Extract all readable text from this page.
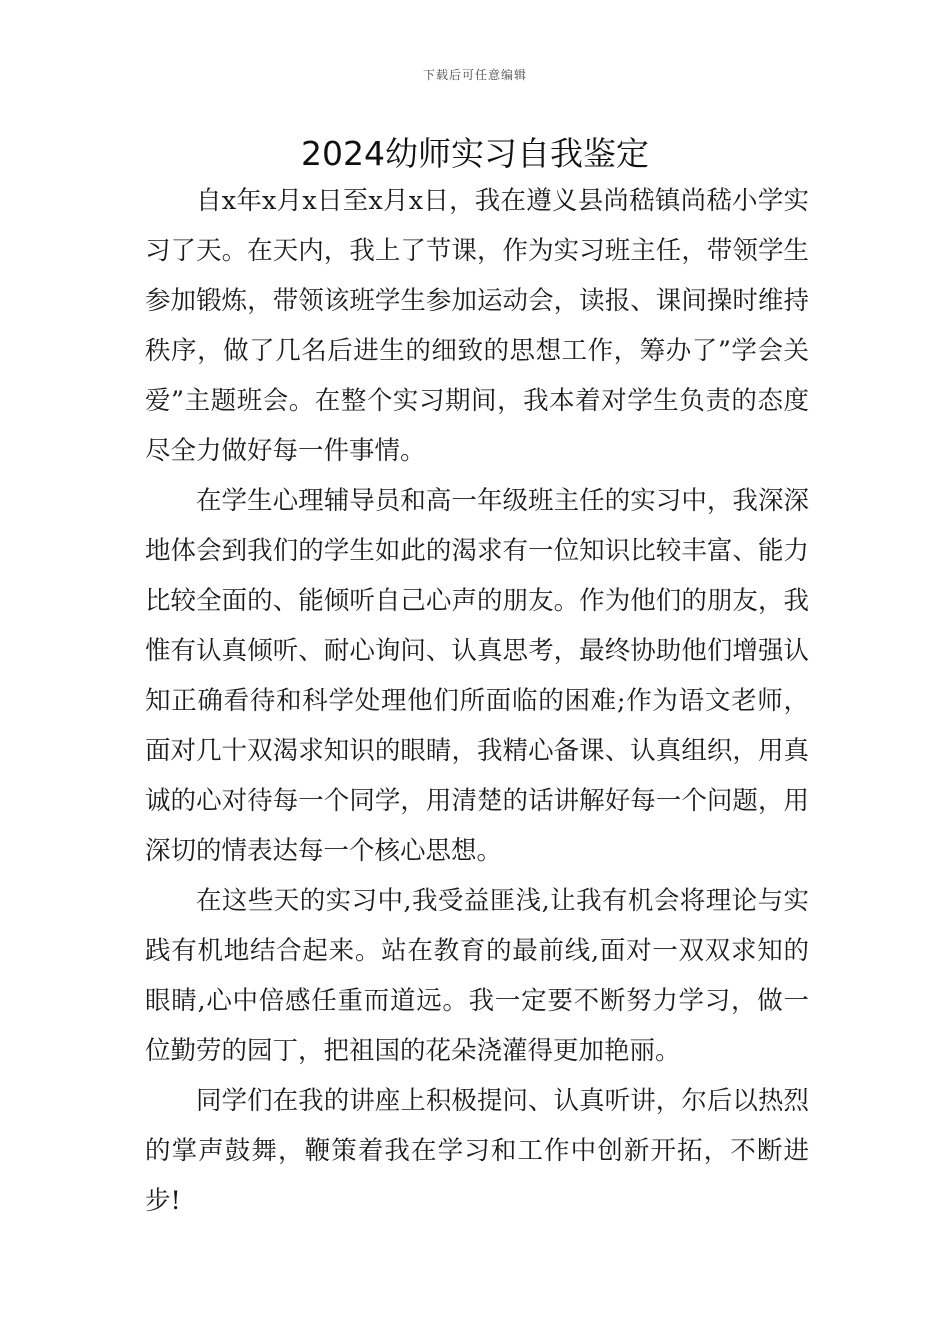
下载后可任意编辑
2024幼师实习自我鉴定

自x年x月x日至x月x日，我在遵义县尚嵇镇尚嵇小学实习了天。在天内，我上了节课，作为实习班主任，带领学生参加锻炼，带领该班学生参加运动会，读报、课间操时维持秩序，做了几名后进生的细致的思想工作，筹办了”学会关爱”主题班会。在整个实习期间，我本着对学生负责的态度尽全力做好每一件事情。

在学生心理辅导员和高一年级班主任的实习中，我深深地体会到我们的学生如此的渴求有一位知识比较丰富、能力比较全面的、能倾听自己心声的朋友。作为他们的朋友，我惟有认真倾听、耐心询问、认真思考，最终协助他们增强认知正确看待和科学处理他们所面临的困难;作为语文老师，面对几十双渴求知识的眼睛，我精心备课、认真组织，用真诚的心对待每一个同学，用清楚的话讲解好每一个问题，用深切的情表达每一个核心思想。

在这些天的实习中,我受益匪浅,让我有机会将理论与实践有机地结合起来。站在教育的最前线,面对一双双求知的眼睛,心中倍感任重而道远。我一定要不断努力学习，做一位勤劳的园丁，把祖国的花朵浇灌得更加艳丽。

同学们在我的讲座上积极提问、认真听讲，尔后以热烈的掌声鼓舞，鞭策着我在学习和工作中创新开拓，不断进步!
